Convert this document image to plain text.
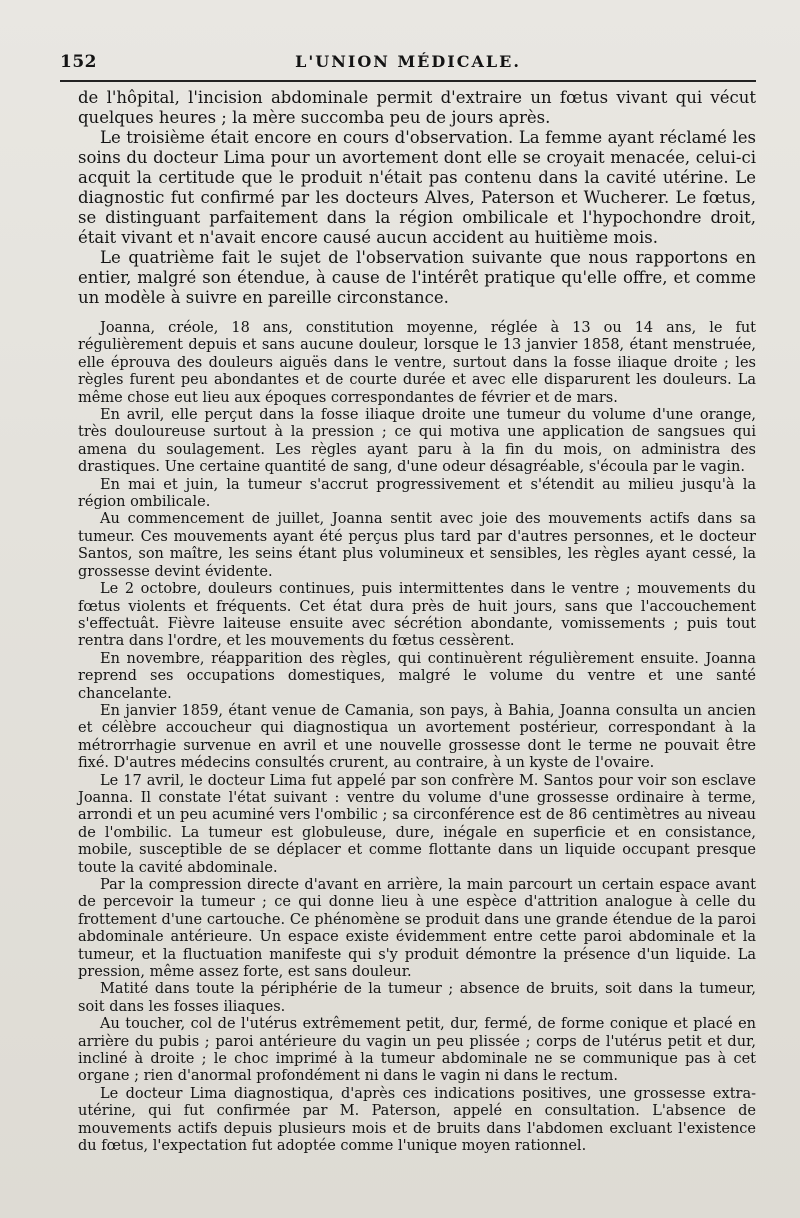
152	L'UNION MÉDICALE.

de l'hôpital, l'incision abdominale permit d'extraire un fœtus vivant qui vécut quelques heures ; la mère succomba peu de jours après.

Le troisième était encore en cours d'observation. La femme ayant réclamé les soins du docteur Lima pour un avortement dont elle se croyait menacée, celui-ci acquit la certitude que le produit n'était pas contenu dans la cavité utérine. Le diagnostic fut confirmé par les docteurs Alves, Paterson et Wucherer. Le fœtus, se distinguant parfaitement dans la région ombilicale et l'hypochondre droit, était vivant et n'avait encore causé aucun accident au huitième mois.

Le quatrième fait le sujet de l'observation suivante que nous rapportons en entier, malgré son étendue, à cause de l'intérêt pratique qu'elle offre, et comme un modèle à suivre en pareille circonstance.

Joanna, créole, 18 ans, constitution moyenne, réglée à 13 ou 14 ans, le fut régulièrement depuis et sans aucune douleur, lorsque le 13 janvier 1858, étant menstruée, elle éprouva des douleurs aiguës dans le ventre, surtout dans la fosse iliaque droite ; les règles furent peu abondantes et de courte durée et avec elle disparurent les douleurs. La même chose eut lieu aux époques correspondantes de février et de mars.

En avril, elle perçut dans la fosse iliaque droite une tumeur du volume d'une orange, très douloureuse surtout à la pression ; ce qui motiva une application de sangsues qui amena du soulagement. Les règles ayant paru à la fin du mois, on administra des drastiques. Une certaine quantité de sang, d'une odeur désagréable, s'écoula par le vagin.

En mai et juin, la tumeur s'accrut progressivement et s'étendit au milieu jusqu'à la région ombilicale.

Au commencement de juillet, Joanna sentit avec joie des mouvements actifs dans sa tumeur. Ces mouvements ayant été perçus plus tard par d'autres personnes, et le docteur Santos, son maître, les seins étant plus volumineux et sensibles, les règles ayant cessé, la grossesse devint évidente.

Le 2 octobre, douleurs continues, puis intermittentes dans le ventre ; mouvements du fœtus violents et fréquents. Cet état dura près de huit jours, sans que l'accouchement s'effectuât. Fièvre laiteuse ensuite avec sécrétion abondante, vomissements ; puis tout rentra dans l'ordre, et les mouvements du fœtus cessèrent.

En novembre, réapparition des règles, qui continuèrent régulièrement ensuite. Joanna reprend ses occupations domestiques, malgré le volume du ventre et une santé chancelante.

En janvier 1859, étant venue de Camania, son pays, à Bahia, Joanna consulta un ancien et célèbre accoucheur qui diagnostiqua un avortement postérieur, correspondant à la métrorrhagie survenue en avril et une nouvelle grossesse dont le terme ne pouvait être fixé. D'autres médecins consultés crurent, au contraire, à un kyste de l'ovaire.

Le 17 avril, le docteur Lima fut appelé par son confrère M. Santos pour voir son esclave Joanna. Il constate l'état suivant : ventre du volume d'une grossesse ordinaire à terme, arrondi et un peu acuminé vers l'ombilic ; sa circonférence est de 86 centimètres au niveau de l'ombilic. La tumeur est globuleuse, dure, inégale en superficie et en consistance, mobile, susceptible de se déplacer et comme flottante dans un liquide occupant presque toute la cavité abdominale.

Par la compression directe d'avant en arrière, la main parcourt un certain espace avant de percevoir la tumeur ; ce qui donne lieu à une espèce d'attrition analogue à celle du frottement d'une cartouche. Ce phénomène se produit dans une grande étendue de la paroi abdominale antérieure. Un espace existe évidemment entre cette paroi abdominale et la tumeur, et la fluctuation manifeste qui s'y produit démontre la présence d'un liquide. La pression, même assez forte, est sans douleur.

Matité dans toute la périphérie de la tumeur ; absence de bruits, soit dans la tumeur, soit dans les fosses iliaques.

Au toucher, col de l'utérus extrêmement petit, dur, fermé, de forme conique et placé en arrière du pubis ; paroi antérieure du vagin un peu plissée ; corps de l'utérus petit et dur, incliné à droite ; le choc imprimé à la tumeur abdominale ne se communique pas à cet organe ; rien d'anormal profondément ni dans le vagin ni dans le rectum.

Le docteur Lima diagnostiqua, d'après ces indications positives, une grossesse extra-utérine, qui fut confirmée par M. Paterson, appelé en consultation. L'absence de mouvements actifs depuis plusieurs mois et de bruits dans l'abdomen excluant l'existence du fœtus, l'expectation fut adoptée comme l'unique moyen rationnel.
